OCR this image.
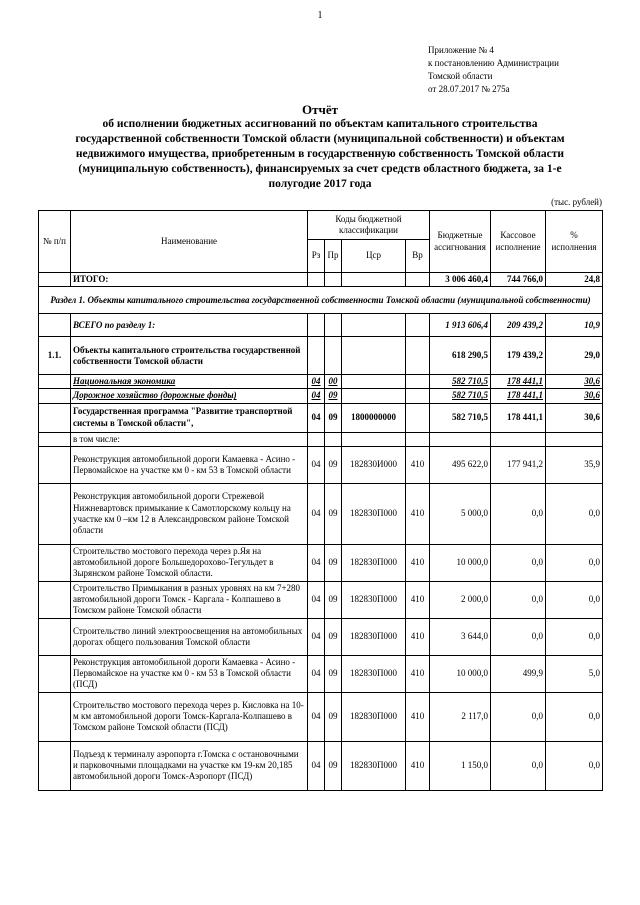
1
Приложение № 4
к постановлению Администрации
Томской области
от 28.07.2017 № 275а
Отчёт
об исполнении бюджетных ассигнований по объектам капитального строительства государственной собственности Томской области (муниципальной собственности) и объектам недвижимого имущества, приобретенным в государственную собственность Томской области (муниципальную собственность), финансируемых за счет средств областного бюджета, за 1-е полугодие 2017 года
(тыс. рублей)
№ п/п	Наименование	Коды бюджетной классификации				Бюджетные ассигнования	Кассовое исполнение	% исполнения
		Рз	Пр	Цср	Вр			
	ИТОГО:					3 006 460,4	744 766,0	24,8
Раздел 1. Объекты капитального строительства государственной собственности Томской области (муниципальной собственности)								
	ВСЕГО по разделу 1:					1 913 606,4	209 439,2	10,9
1.1.	Объекты капитального строительства государственной собственности Томской области					618 290,5	179 439,2	29,0
	Национальная экономика	04	00			582 710,5	178 441,1	30,6
	Дорожное хозяйство (дорожные фонды)	04	09			582 710,5	178 441,1	30,6
	Государственная программа "Развитие транспортной системы в Томской области",	04	09	1800000000		582 710,5	178 441,1	30,6
	в том числе:							
	Реконструкция автомобильной дороги Камаевка - Асино - Первомайское на участке км 0 - км 53 в Томской области	04	09	182830И000	410	495 622,0	177 941,2	35,9
	Реконструкция автомобильной дороги Стрежевой Нижневартовск примыкание к Самотлорскому кольцу на участке км 0 –км 12 в Александровском районе Томской области	04	09	182830П000	410	5 000,0	0,0	0,0
	Строительство мостового перехода через р.Яя на автомобильной дороге Большедорохово-Тегульдет в Зырянском районе Томской области.	04	09	182830П000	410	10 000,0	0,0	0,0
	Строительство Примыкания в разных уровнях на км 7+280 автомобильной дороги Томск - Каргала - Колпашево в Томском районе Томской области	04	09	182830П000	410	2 000,0	0,0	0,0
	Строительство линий электроосвещения на автомобильных дорогах общего пользования Томской области	04	09	182830П000	410	3 644,0	0,0	0,0
	Реконструкция автомобильной дороги Камаевка - Асино - Первомайское на участке км 0 - км 53 в Томской области (ПСД)	04	09	182830П000	410	10 000,0	499,9	5,0
	Строительство мостового перехода через р. Кисловка на 10-м км автомобильной дороги Томск-Каргала-Колпашево в Томском районе Томской области (ПСД)	04	09	182830П000	410	2 117,0	0,0	0,0
	Подъезд к терминалу аэропорта г.Томска с остановочными и парковочными площадками на участке км 19-км 20,185 автомобильной дороги Томск-Аэропорт (ПСД)	04	09	182830П000	410	1 150,0	0,0	0,0
